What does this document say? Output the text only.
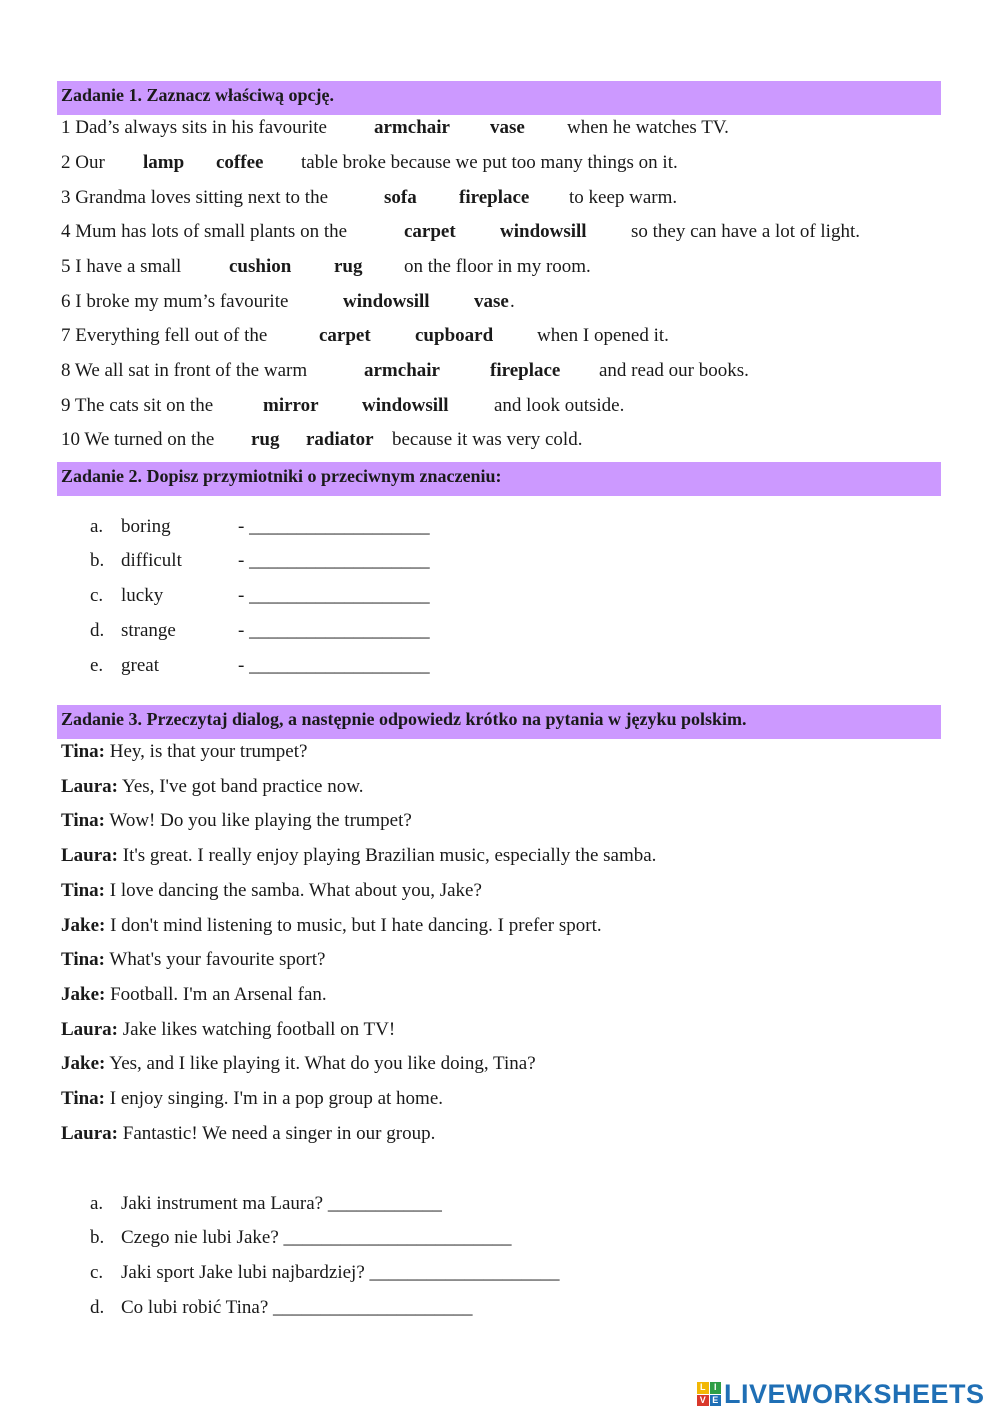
Zadanie 1. Zaznacz właściwą opcję.
1 Dad’s always sits in his favourite armchair vase when he watches TV.
2 Our lamp coffee table broke because we put too many things on it.
3 Grandma loves sitting next to the	sofa fireplace to keep warm.
4 Mum has lots of small plants on the	carpet windowsill so they can have a lot of light.
5 I have a small	cushion rug on the floor in my room.
6 I broke my mum’s favourite	windowsill vase .
7 Everything fell out of the	carpet cupboard when I opened it.
8 We all sat in front of the warm	armchair	fireplace and read our books.
9 The cats sit on the	mirror windowsill and look outside.
10 We turned on the rug radiator because it was very cold.
Zadanie 2. Dopisz przymiotniki o przeciwnym znaczeniu:
a. boring	- ___________________
b. difficult	- ___________________
c. lucky	- ___________________
d. strange	- ___________________
e. great	- ___________________
Zadanie 3. Przeczytaj dialog, a następnie odpowiedz krótko na pytania w języku polskim.
Tina: Hey, is that your trumpet?
Laura: Yes, I've got band practice now.
Tina: Wow! Do you like playing the trumpet?
Laura: It's great. I really enjoy playing Brazilian music, especially the samba.
Tina: I love dancing the samba. What about you, Jake?
Jake: I don't mind listening to music, but I hate dancing. I prefer sport.
Tina: What's your favourite sport?
Jake: Football. I'm an Arsenal fan.
Laura: Jake likes watching football on TV!
Jake: Yes, and I like playing it. What do you like doing, Tina?
Tina: I enjoy singing. I'm in a pop group at home.
Laura: Fantastic! We need a singer in our group.
a. Jaki instrument ma Laura? ____________
b. Czego nie lubi Jake? ________________________
c. Jaki sport Jake lubi najbardziej? ____________________
d. Co lubi robić Tina? _____________________
L I
V E LIVEWORKSHEETS
